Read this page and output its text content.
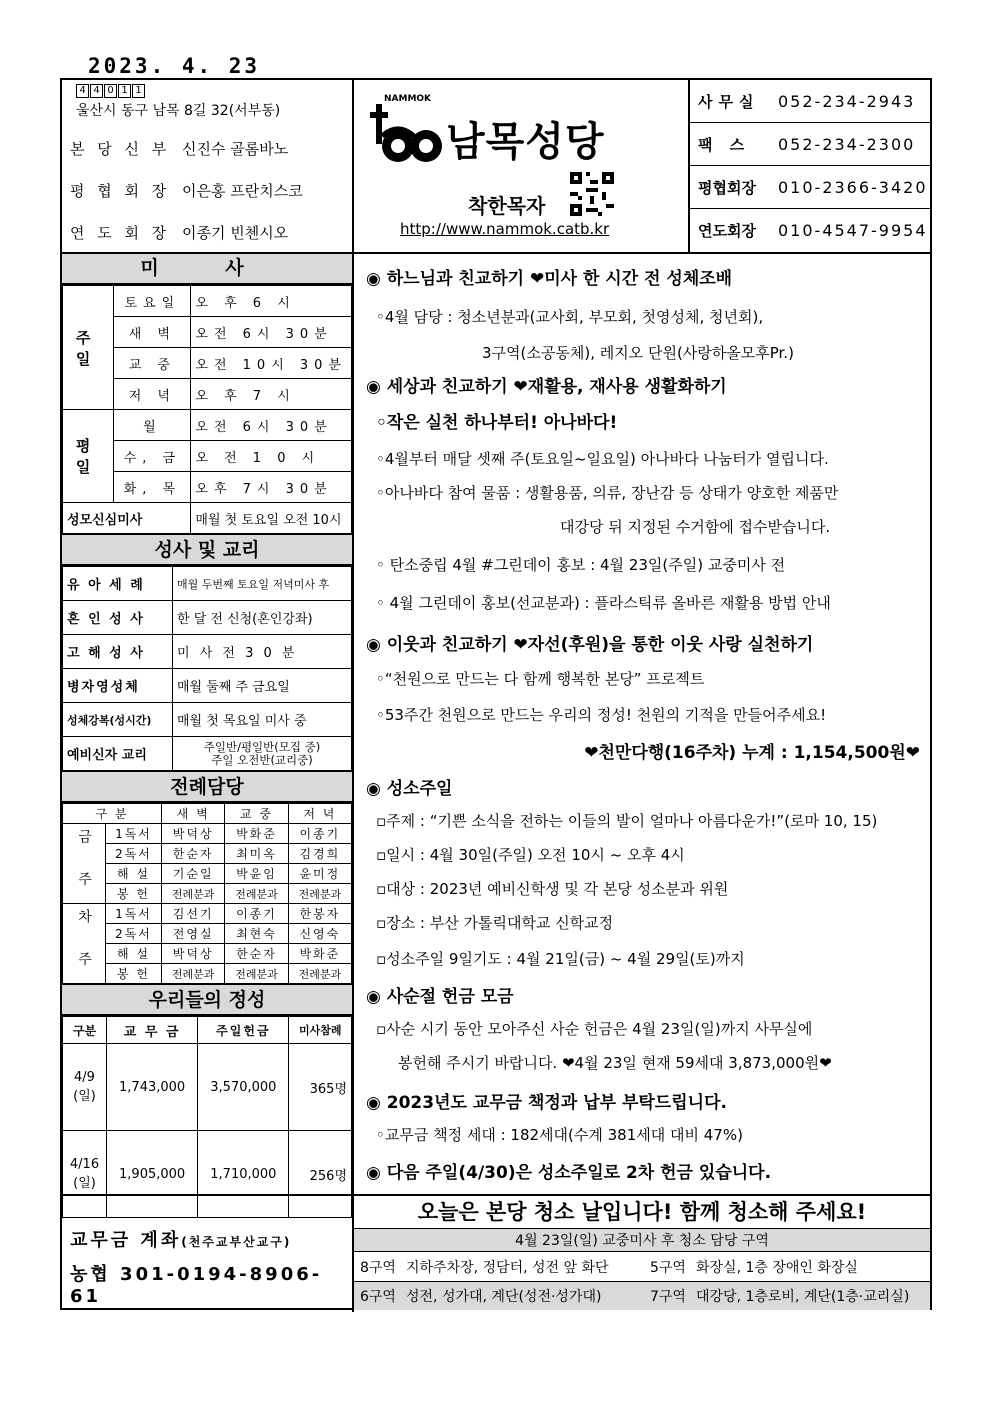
2023. 4. 23
4 4 0 1 1
울산시 동구 남목 8길 32(서부동)
본 당 신 부 신진수 골롬바노
평 협 회 장 이은홍 프란치스코
연 도 회 장 이종기 빈첸시오
NAMMOK
남목성당
착한목자
http://www.nammok.catb.kr
사무실	052-234-2943
팩 스	052-234-2300
평협회장	010-2366-3420
연도회장	010-4547-9954
미 사
주 일	토요일	오 후 6 시
	새 벽	오전 6시 30분
	교 중	오전 10시 30분
	저 녁	오 후 7 시
평 일	월	오전 6시 30분
	수, 금	오 전 1 0 시
	화, 목	오후 7시 30분
성모신심미사		매월 첫 토요일 오전 10시
성사 및 교리
유 아 세 례	매월 두번째 토요일 저녁미사 후
혼 인 성 사	한 달 전 신청(혼인강좌)
고 해 성 사	미 사 전 3 0 분
병자영성체	매월 둘째 주 금요일
성체강복(성시간)	매월 첫 목요일 미사 중
예비신자 교리	주일반/평일반(모집 중)
주일 오전반(교리중)
전례담당
구 분		새 벽	교 중	저 녁
금 주	1독서	박덕상	박화준	이종기
	2독서	한순자	최미옥	김경희
	해 설	기순일	박윤임	윤미정
	봉 헌	전례분과	전례분과	전례분과
차 주	1독서	김선기	이종기	한봉자
	2독서	전영실	최현숙	신영숙
	해 설	박덕상	한순자	박화준
	봉 헌	전례분과	전례분과	전례분과
우리들의 정성
구분	교 무 금	주일헌금	미사참례

4/9
(일)	1,743,000	3,570,000	365명

4/16
(일)	1,905,000	1,710,000	256명
◉ 하느님과 친교하기 ❤미사 한 시간 전 성체조배
◦4월 담당 : 청소년분과(교사회, 부모회, 첫영성체, 청년회),
3구역(소공동체), 레지오 단원(사랑하올모후Pr.)
◉ 세상과 친교하기 ❤재활용, 재사용 생활화하기
◦작은 실천 하나부터! 아나바다!
◦4월부터 매달 셋째 주(토요일~일요일) 아나바다 나눔터가 열립니다.
◦아나바다 참여 물품 : 생활용품, 의류, 장난감 등 상태가 양호한 제품만
대강당 뒤 지정된 수거함에 접수받습니다.
◦ 탄소중립 4월 #그린데이 홍보 : 4월 23일(주일) 교중미사 전
◦ 4월 그린데이 홍보(선교분과) : 플라스틱류 올바른 재활용 방법 안내
◉ 이웃과 친교하기 ❤자선(후원)을 통한 이웃 사랑 실천하기
◦“천원으로 만드는 다 함께 행복한 본당” 프로젝트
◦53주간 천원으로 만드는 우리의 정성! 천원의 기적을 만들어주세요!
❤천만다행(16주차) 누계 : 1,154,500원❤
◉ 성소주일
▫주제 : “기쁜 소식을 전하는 이들의 발이 얼마나 아름다운가!”(로마 10, 15)
▫일시 : 4월 30일(주일) 오전 10시 ~ 오후 4시
▫대상 : 2023년 예비신학생 및 각 본당 성소분과 위원
▫장소 : 부산 가톨릭대학교 신학교정
▫성소주일 9일기도 : 4월 21일(금) ~ 4월 29일(토)까지
◉ 사순절 헌금 모금
▫사순 시기 동안 모아주신 사순 헌금은 4월 23일(일)까지 사무실에
봉헌해 주시기 바랍니다. ❤4월 23일 현재 59세대 3,873,000원❤
◉ 2023년도 교무금 책정과 납부 부탁드립니다.
◦교무금 책정 세대 : 182세대(수계 381세대 대비 47%)
◉ 다음 주일(4/30)은 성소주일로 2차 헌금 있습니다.
교무금 계좌(천주교부산교구)
농협 301-0194-8906-61
오늘은 본당 청소 날입니다! 함께 청소해 주세요!
4월 23일(일) 교중미사 후 청소 담당 구역
8구역 지하주차장, 정담터, 성전 앞 화단	5구역 화장실, 1층 장애인 화장실
6구역 성전, 성가대, 계단(성전·성가대)	7구역 대강당, 1층로비, 계단(1층·교리실)
